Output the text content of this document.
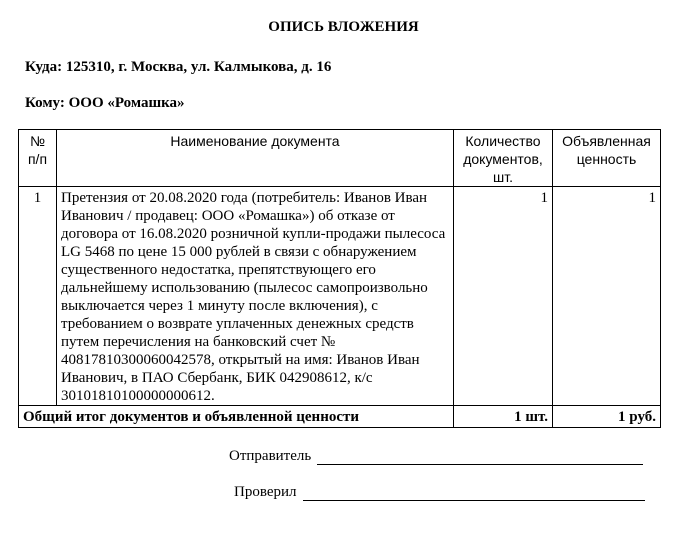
ОПИСЬ ВЛОЖЕНИЯ
Куда: 125310, г. Москва, ул. Калмыкова, д. 16
Кому: ООО «Ромашка»
№ п/п	Наименование документа	Количество документов, шт.	Объявленная ценность
1	Претензия от 20.08.2020 года (потребитель: Иванов Иван Иванович / продавец: ООО «Ромашка») об отказе от договора от 16.08.2020 розничной купли-продажи пылесоса LG 5468 по цене 15 000 рублей в связи с обнаружением существенного недостатка, препятствующего его дальнейшему использованию (пылесос самопроизвольно выключается через 1 минуту после включения), с требованием о возврате уплаченных денежных средств путем перечисления на банковский счет № 40817810300060042578, открытый на имя: Иванов Иван Иванович, в ПАО Сбербанк, БИК 042908612, к/с 30101810100000000612.	1	1
Общий итог документов и объявленной ценности		1 шт.	1 руб.
Отправитель
Проверил
